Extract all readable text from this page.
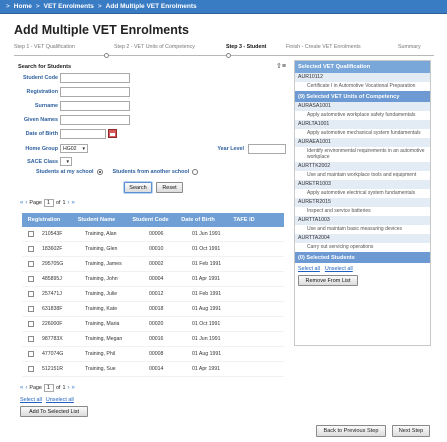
> Home > VET Enrolments > Add Multiple VET Enrolments
Add Multiple VET Enrolments
Step 1 - VET Qualification	Step 2 - VET Units of Competency	Step 3 - Student	Finish - Create VET Enrolments	Summary
Search for Students	⇧≡
Student Code
Registration
Surname
Given Names
Date of Birth
Home Group HG02 ▼	Year Level
SACE Class ▼
Students at my school	Students from another school
Search	Reset
« ‹ Page 1	of 1 › »
Registration	Student Name	Student Code	Date of Birth	TAFE ID
210543F	Training, Alan	00006	01 Jun 1991
183602F	Training, Glen	00010	01 Oct 1991
295705G	Training, James	00002	01 Feb 1991
485895J	Training, John	00004	01 Apr 1991
257471J	Training, Julie	00012	01 Feb 1991
631838F	Training, Kate	00018	01 Aug 1991
226000F	Training, Maria	00020	01 Oct 1991
987783X	Training, Megan	00016	01 Jun 1991
477074G	Training, Phil	00008	01 Aug 1991
512151R	Training, Sue	00014	01 Apr 1991
« ‹ Page 1	of 1 › »
Select all Unselect all
Add To Selected List
Selected VET Qualification
AUR10112
Certificate I in Automotive Vocational Preparation
(9) Selected VET Units of Competency
AURASA1001
Apply automotive workplace safety fundamentals
AURLTA1001
Apply automotive mechanical system fundamentals
AURAEA1001
Identify environmental requirements in an automotive workplace
AURTTK2002
Use and maintain workplace tools and equipment
AURETR1003
Apply automotive electrical system fundamentals
AURETR2015
Inspect and service batteries
AURTTA1003
Use and maintain basic measuring devices
AURTTA2004
Carry out servicing operations
(0) Selected Students
Select all Unselect all
Remove From List
Back to Previous Step	Next Step
